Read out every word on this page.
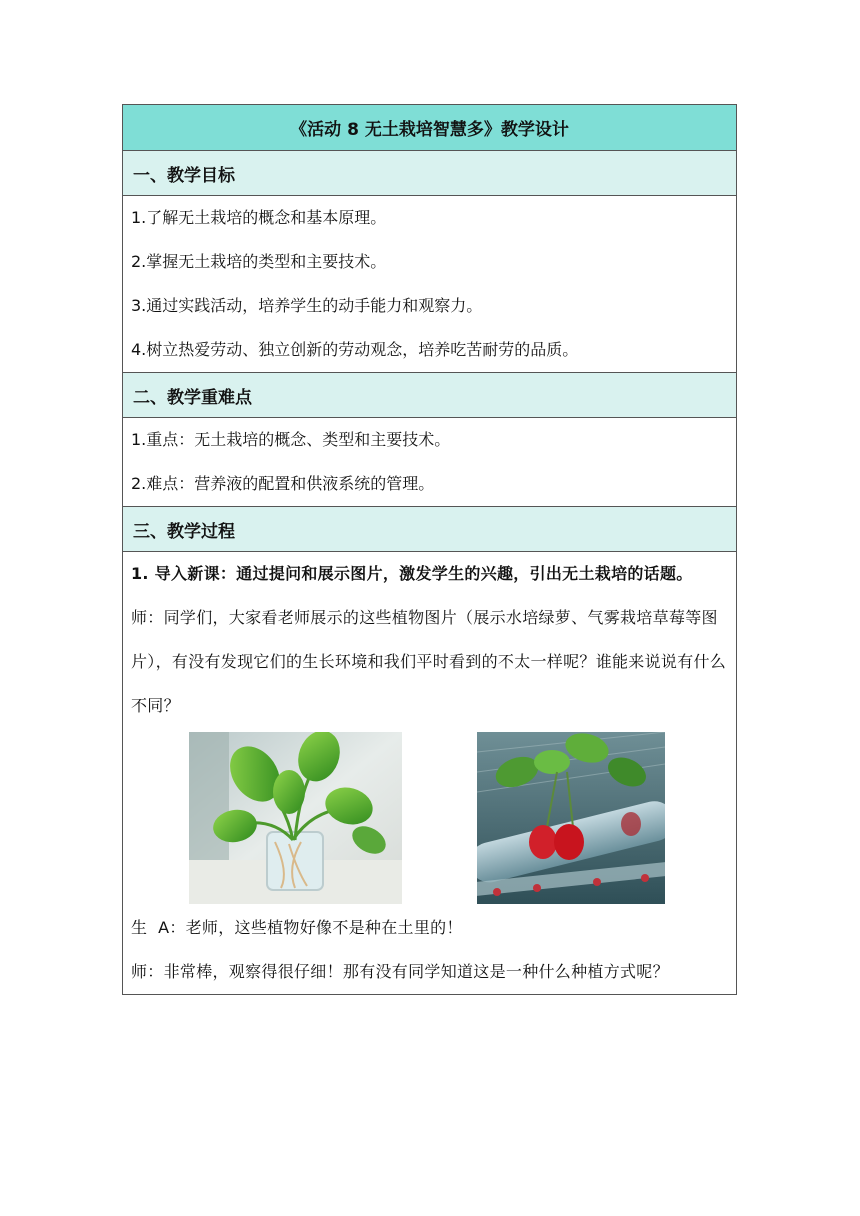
《活动 8 无土栽培智慧多》教学设计
一、教学目标
1.了解无土栽培的概念和基本原理。
2.掌握无土栽培的类型和主要技术。
3.通过实践活动，培养学生的动手能力和观察力。
4.树立热爱劳动、独立创新的劳动观念，培养吃苦耐劳的品质。
二、教学重难点
1.重点：无土栽培的概念、类型和主要技术。
2.难点：营养液的配置和供液系统的管理。
三、教学过程
1. 导入新课：通过提问和展示图片，激发学生的兴趣，引出无土栽培的话题。
师：同学们，大家看老师展示的这些植物图片（展示水培绿萝、气雾栽培草莓等图片），有没有发现它们的生长环境和我们平时看到的不太一样呢？谁能来说说有什么不同？
生  A：老师，这些植物好像不是种在土里的！
师：非常棒，观察得很仔细！那有没有同学知道这是一种什么种植方式呢？
